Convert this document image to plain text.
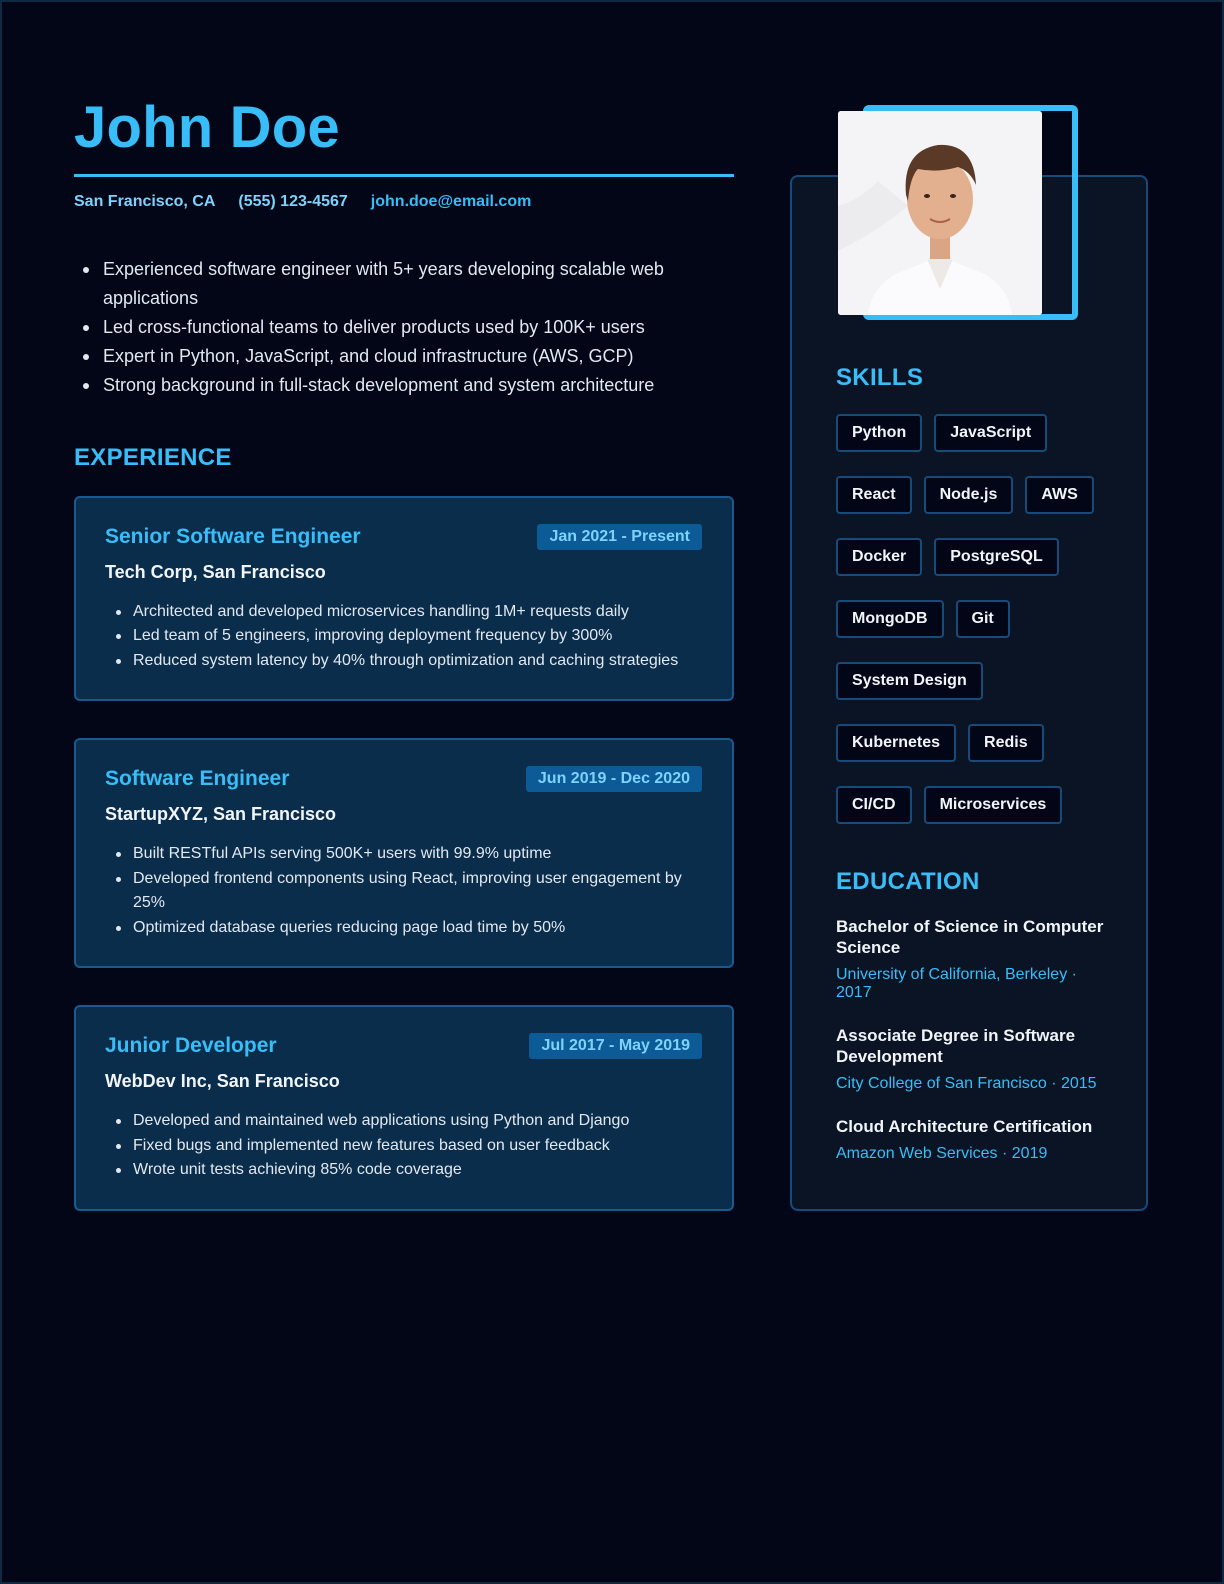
John Doe
San Francisco, CA (555) 123-4567 john.doe@email.com
Experienced software engineer with 5+ years developing scalable web applications
Led cross-functional teams to deliver products used by 100K+ users
Expert in Python, JavaScript, and cloud infrastructure (AWS, GCP)
Strong background in full-stack development and system architecture
EXPERIENCE
Senior Software Engineer	Jan 2021 - Present
Tech Corp, San Francisco
Architected and developed microservices handling 1M+ requests daily
Led team of 5 engineers, improving deployment frequency by 300%
Reduced system latency by 40% through optimization and caching strategies
Software Engineer	Jun 2019 - Dec 2020
StartupXYZ, San Francisco
Built RESTful APIs serving 500K+ users with 99.9% uptime
Developed frontend components using React, improving user engagement by 25%
Optimized database queries reducing page load time by 50%
Junior Developer	Jul 2017 - May 2019
WebDev Inc, San Francisco
Developed and maintained web applications using Python and Django
Fixed bugs and implemented new features based on user feedback
Wrote unit tests achieving 85% code coverage
SKILLS
Python	JavaScript
React	Node.js	AWS
Docker	PostgreSQL
MongoDB	Git
System Design
Kubernetes	Redis
CI/CD	Microservices
EDUCATION
Bachelor of Science in Computer Science
University of California, Berkeley · 2017
Associate Degree in Software Development
City College of San Francisco · 2015
Cloud Architecture Certification
Amazon Web Services · 2019
